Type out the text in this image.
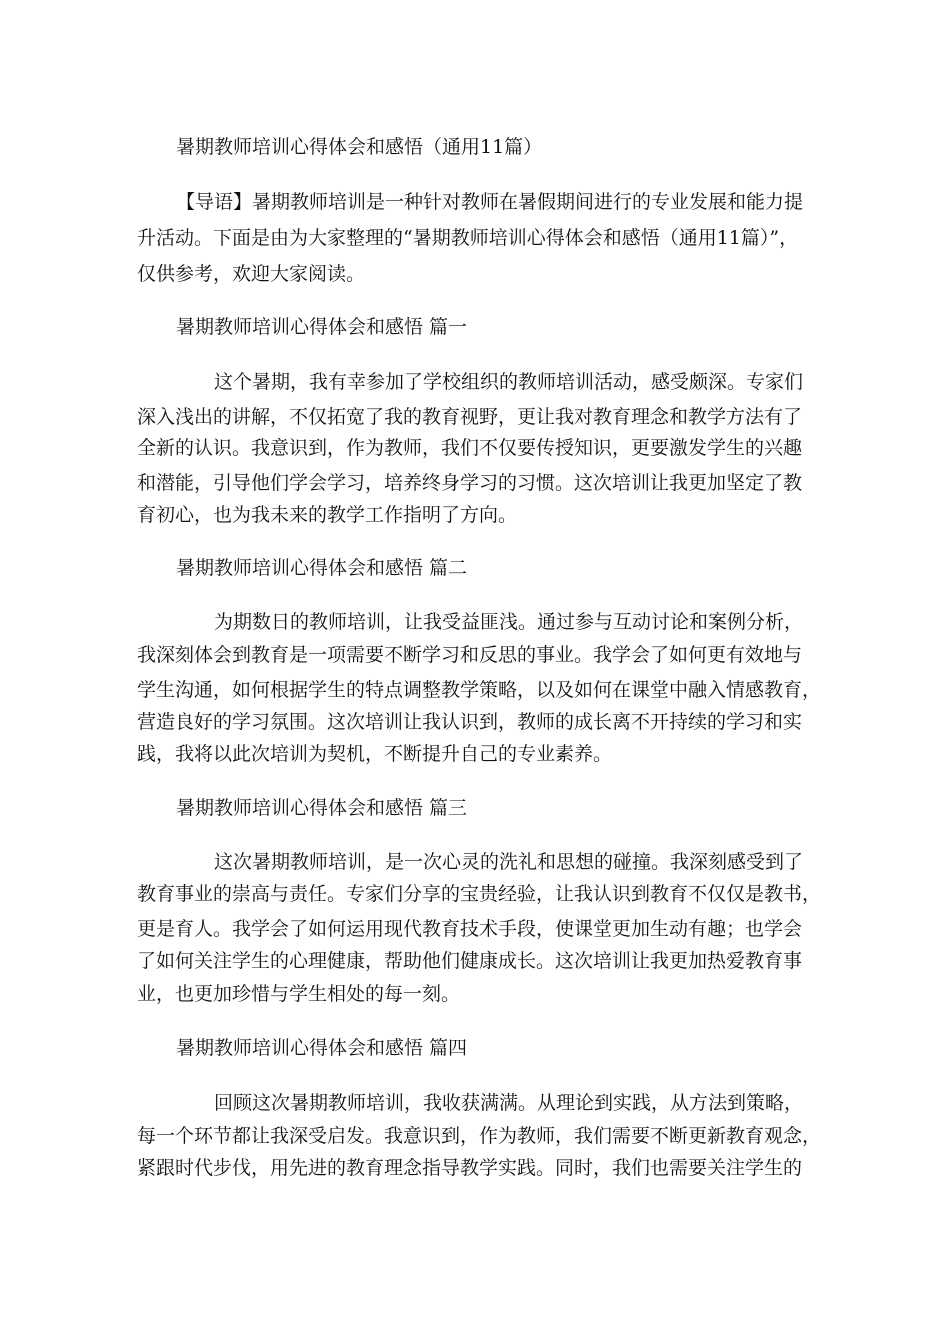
暑期教师培训心得体会和感悟（通用11篇）

【导语】暑期教师培训是一种针对教师在暑假期间进行的专业发展和能力提

升活动。下面是由为大家整理的“暑期教师培训心得体会和感悟（通用11篇）”，

仅供参考，欢迎大家阅读。

暑期教师培训心得体会和感悟 篇一

这个暑期，我有幸参加了学校组织的教师培训活动，感受颇深。专家们

深入浅出的讲解，不仅拓宽了我的教育视野，更让我对教育理念和教学方法有了

全新的认识。我意识到，作为教师，我们不仅要传授知识，更要激发学生的兴趣

和潜能，引导他们学会学习，培养终身学习的习惯。这次培训让我更加坚定了教

育初心，也为我未来的教学工作指明了方向。

暑期教师培训心得体会和感悟 篇二

为期数日的教师培训，让我受益匪浅。通过参与互动讨论和案例分析，

我深刻体会到教育是一项需要不断学习和反思的事业。我学会了如何更有效地与

学生沟通，如何根据学生的特点调整教学策略，以及如何在课堂中融入情感教育，

营造良好的学习氛围。这次培训让我认识到，教师的成长离不开持续的学习和实

践，我将以此次培训为契机，不断提升自己的专业素养。

暑期教师培训心得体会和感悟 篇三

这次暑期教师培训，是一次心灵的洗礼和思想的碰撞。我深刻感受到了

教育事业的崇高与责任。专家们分享的宝贵经验，让我认识到教育不仅仅是教书，

更是育人。我学会了如何运用现代教育技术手段，使课堂更加生动有趣；也学会

了如何关注学生的心理健康，帮助他们健康成长。这次培训让我更加热爱教育事

业，也更加珍惜与学生相处的每一刻。

暑期教师培训心得体会和感悟 篇四

回顾这次暑期教师培训，我收获满满。从理论到实践，从方法到策略，

每一个环节都让我深受启发。我意识到，作为教师，我们需要不断更新教育观念，

紧跟时代步伐，用先进的教育理念指导教学实践。同时，我们也需要关注学生的
